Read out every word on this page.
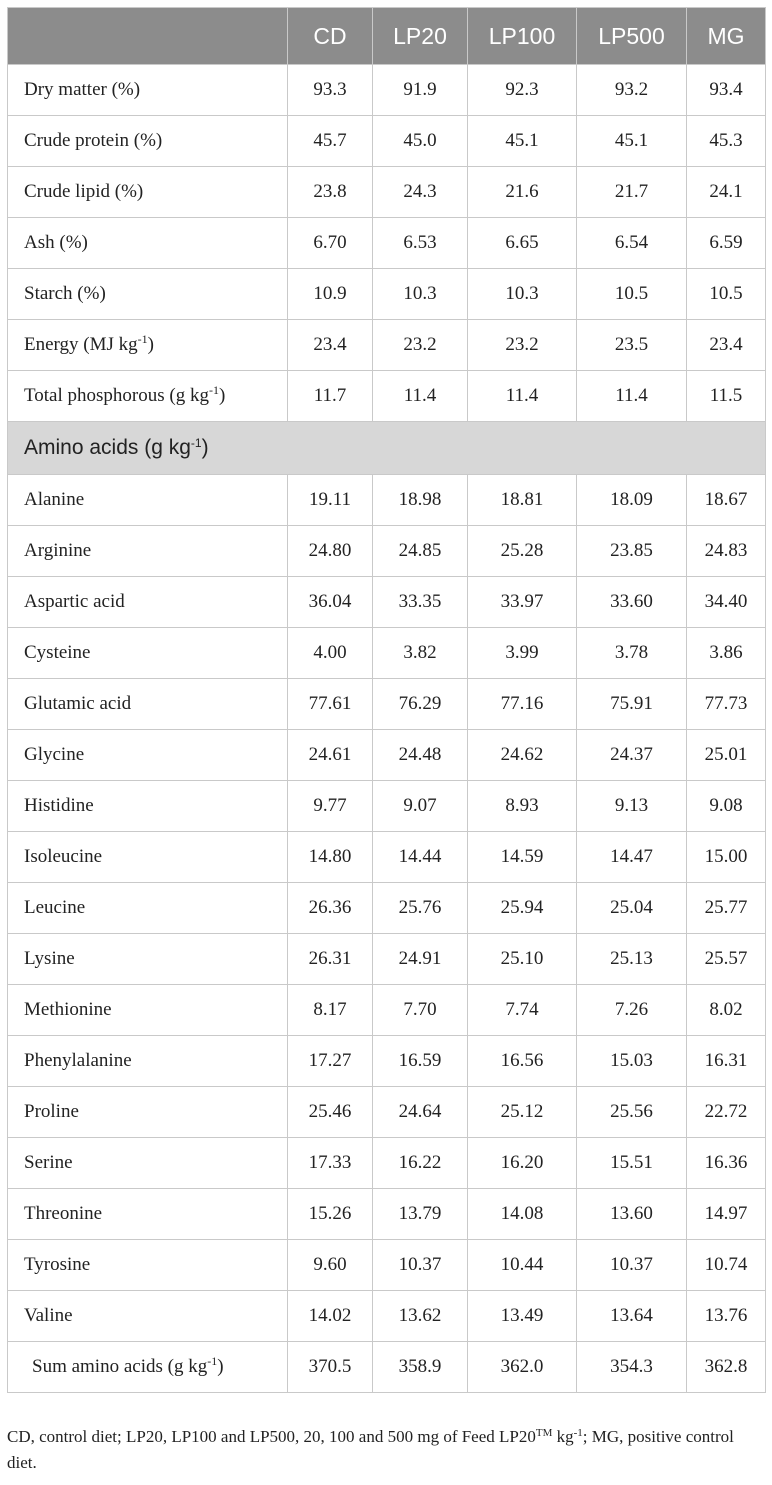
	CD	LP20	LP100	LP500	MG
Dry matter (%)	93.3	91.9	92.3	93.2	93.4
Crude protein (%)	45.7	45.0	45.1	45.1	45.3
Crude lipid (%)	23.8	24.3	21.6	21.7	24.1
Ash (%)	6.70	6.53	6.65	6.54	6.59
Starch (%)	10.9	10.3	10.3	10.5	10.5
Energy (MJ $kg^{-1}$)	23.4	23.2	23.2	23.5	23.4
Total phosphorous (g $kg^{-1}$)	11.7	11.4	11.4	11.4	11.5
Amino acids (g $kg^{-1}$)					
Alanine	19.11	18.98	18.81	18.09	18.67
Arginine	24.80	24.85	25.28	23.85	24.83
Aspartic acid	36.04	33.35	33.97	33.60	34.40
Cysteine	4.00	3.82	3.99	3.78	3.86
Glutamic acid	77.61	76.29	77.16	75.91	77.73
Glycine	24.61	24.48	24.62	24.37	25.01
Histidine	9.77	9.07	8.93	9.13	9.08
Isoleucine	14.80	14.44	14.59	14.47	15.00
Leucine	26.36	25.76	25.94	25.04	25.77
Lysine	26.31	24.91	25.10	25.13	25.57
Methionine	8.17	7.70	7.74	7.26	8.02
Phenylalanine	17.27	16.59	16.56	15.03	16.31
Proline	25.46	24.64	25.12	25.56	22.72
Serine	17.33	16.22	16.20	15.51	16.36
Threonine	15.26	13.79	14.08	13.60	14.97
Tyrosine	9.60	10.37	10.44	10.37	10.74
Valine	14.02	13.62	13.49	13.64	13.76
Sum amino acids (g $kg^{-1}$)	370.5	358.9	362.0	354.3	362.8
CD, control diet; LP20, LP100 and LP500, 20, 100 and 500 mg of Feed LP20™ $kg^{-1}$; MG, positive control diet.
